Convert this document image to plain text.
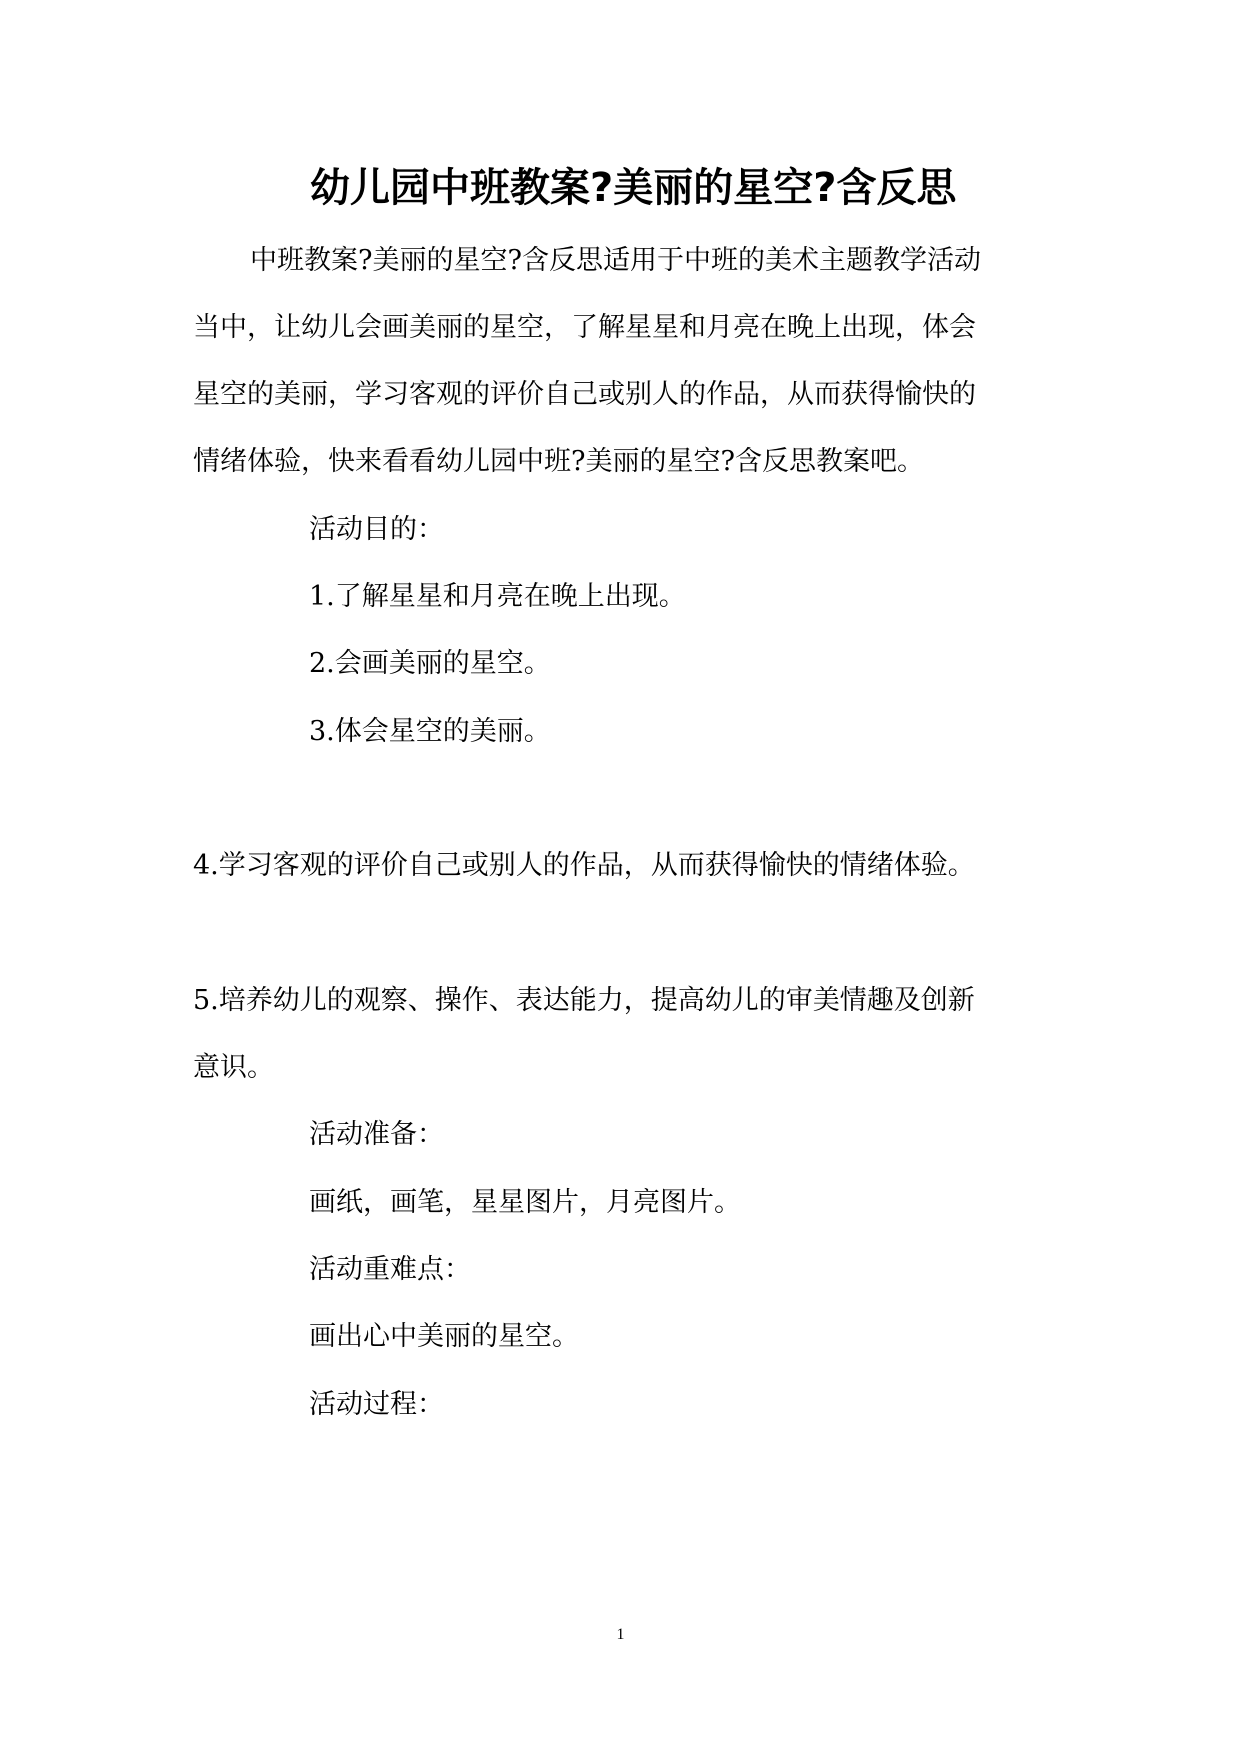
幼儿园中班教案?美丽的星空?含反思
中班教案?美丽的星空?含反思适用于中班的美术主题教学活动
当中，让幼儿会画美丽的星空，了解星星和月亮在晚上出现，体会
星空的美丽，学习客观的评价自己或别人的作品，从而获得愉快的
情绪体验，快来看看幼儿园中班?美丽的星空?含反思教案吧。
活动目的：
1.了解星星和月亮在晚上出现。
2.会画美丽的星空。
3.体会星空的美丽。
4.学习客观的评价自己或别人的作品，从而获得愉快的情绪体验。
5.培养幼儿的观察、操作、表达能力，提高幼儿的审美情趣及创新
意识。
活动准备：
画纸，画笔，星星图片，月亮图片。
活动重难点：
画出心中美丽的星空。
活动过程：
1
